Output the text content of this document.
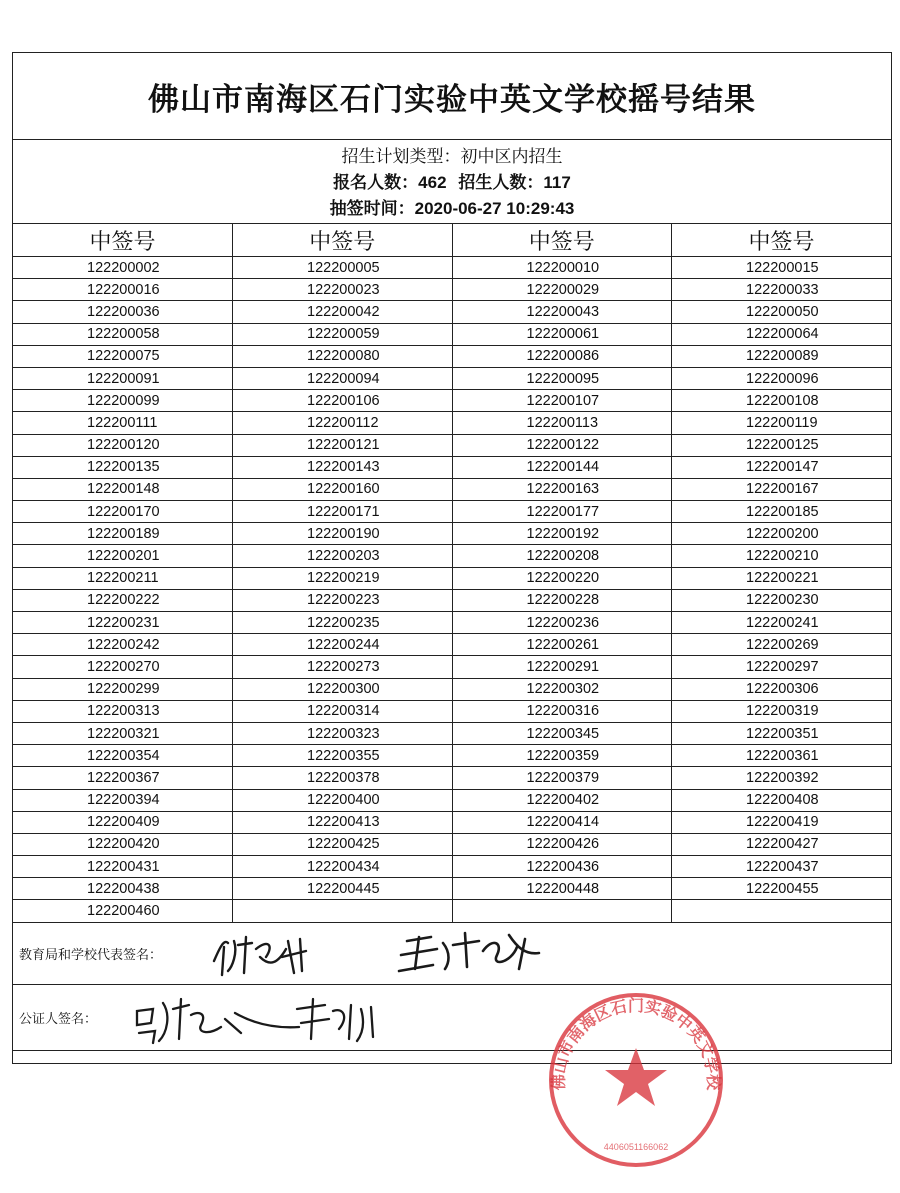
佛山市南海区石门实验中英文学校摇号结果
招生计划类型：初中区内招生
报名人数：462 招生人数：117
抽签时间：2020-06-27 10:29:43
中签号	中签号	中签号	中签号
122200002	122200005	122200010	122200015
122200016	122200023	122200029	122200033
122200036	122200042	122200043	122200050
122200058	122200059	122200061	122200064
122200075	122200080	122200086	122200089
122200091	122200094	122200095	122200096
122200099	122200106	122200107	122200108
122200111	122200112	122200113	122200119
122200120	122200121	122200122	122200125
122200135	122200143	122200144	122200147
122200148	122200160	122200163	122200167
122200170	122200171	122200177	122200185
122200189	122200190	122200192	122200200
122200201	122200203	122200208	122200210
122200211	122200219	122200220	122200221
122200222	122200223	122200228	122200230
122200231	122200235	122200236	122200241
122200242	122200244	122200261	122200269
122200270	122200273	122200291	122200297
122200299	122200300	122200302	122200306
122200313	122200314	122200316	122200319
122200321	122200323	122200345	122200351
122200354	122200355	122200359	122200361
122200367	122200378	122200379	122200392
122200394	122200400	122200402	122200408
122200409	122200413	122200414	122200419
122200420	122200425	122200426	122200427
122200431	122200434	122200436	122200437
122200438	122200445	122200448	122200455
122200460			
教育局和学校代表签名：
公证人签名：
佛山市南海区石门实验中英文学校
4406051166062
